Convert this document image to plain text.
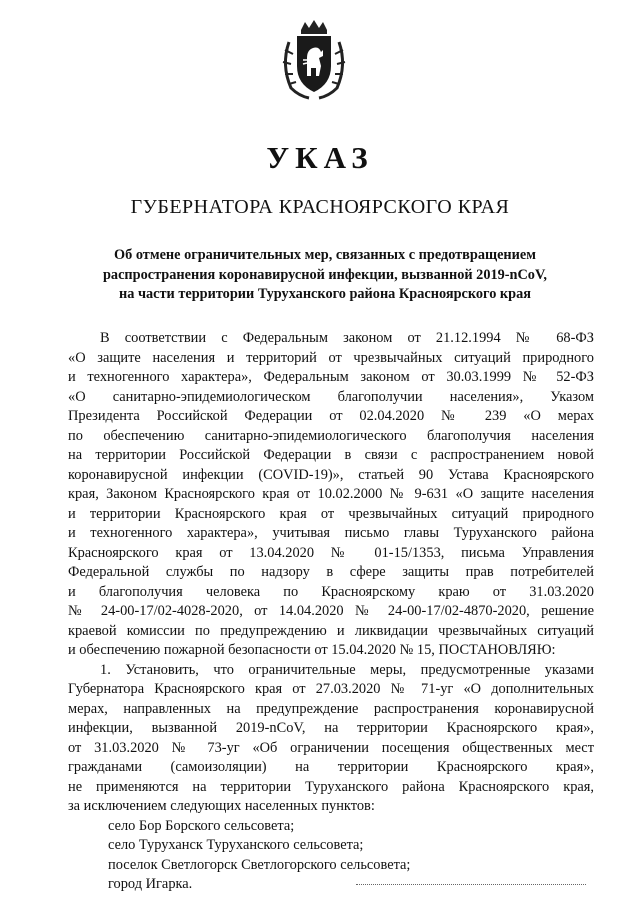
УКАЗ
ГУБЕРНАТОРА КРАСНОЯРСКОГО КРАЯ
Об отмене ограничительных мер, связанных с предотвращением
распространения коронавирусной инфекции, вызванной 2019-nCoV,
на части территории Туруханского района Красноярского края
В соответствии с Федеральным законом от 21.12.1994 № 68-ФЗ
«О защите населения и территорий от чрезвычайных ситуаций природного
и техногенного характера», Федеральным законом от 30.03.1999 № 52-ФЗ
«О санитарно-эпидемиологическом благополучии населения», Указом
Президента Российской Федерации от 02.04.2020 № 239 «О мерах
по обеспечению санитарно-эпидемиологического благополучия населения
на территории Российской Федерации в связи с распространением новой
коронавирусной инфекции (COVID-19)», статьей 90 Устава Красноярского
края, Законом Красноярского края от 10.02.2000 № 9-631 «О защите населения
и территории Красноярского края от чрезвычайных ситуаций природного
и техногенного характера», учитывая письмо главы Туруханского района
Красноярского края от 13.04.2020 № 01-15/1353, письма Управления
Федеральной службы по надзору в сфере защиты прав потребителей
и благополучия человека по Красноярскому краю от 31.03.2020
№ 24-00-17/02-4028-2020, от 14.04.2020 № 24-00-17/02-4870-2020, решение
краевой комиссии по предупреждению и ликвидации чрезвычайных ситуаций
и обеспечению пожарной безопасности от 15.04.2020 № 15, ПОСТАНОВЛЯЮ:
1. Установить, что ограничительные меры, предусмотренные указами
Губернатора Красноярского края от 27.03.2020 № 71-уг «О дополнительных
мерах, направленных на предупреждение распространения коронавирусной
инфекции, вызванной 2019-nCoV, на территории Красноярского края»,
от 31.03.2020 № 73-уг «Об ограничении посещения общественных мест
гражданами (самоизоляции) на территории Красноярского края»,
не применяются на территории Туруханского района Красноярского края,
за исключением следующих населенных пунктов:
село Бор Борского сельсовета;
село Туруханск Туруханского сельсовета;
поселок Светлогорск Светлогорского сельсовета;
город Игарка.
